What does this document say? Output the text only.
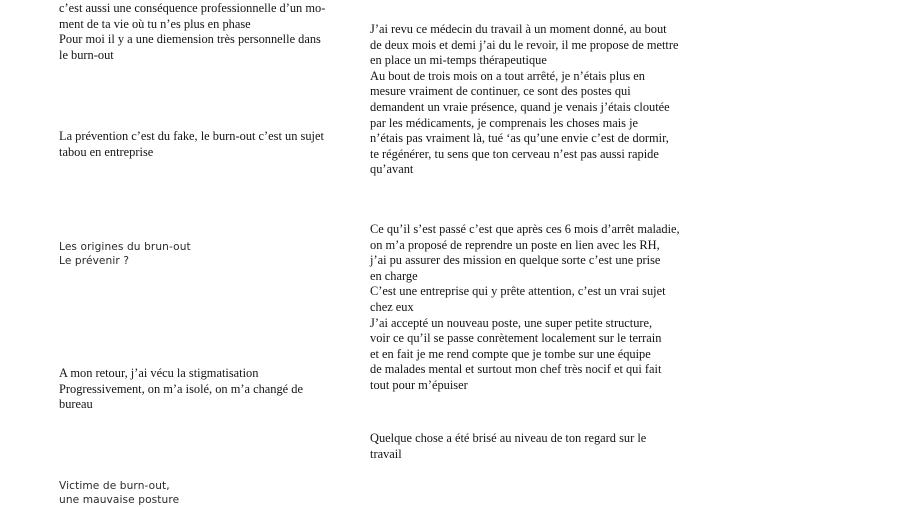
c’est aussi une conséquence professionnelle d’un mo-
ment de ta vie où tu n’es plus en phase
Pour moi il y a une diemension très personnelle dans
le burn-out
La prévention c’est du fake, le burn-out c’est un sujet
tabou en entreprise
Les origines du brun-out
Le prévenir ?
A mon retour, j’ai vécu la stigmatisation
Progressivement, on m’a isolé, on m’a changé de
bureau
Victime de burn-out,
une mauvaise posture
J’ai revu ce médecin du travail à un moment donné, au bout
de deux mois et demi j’ai du le revoir, il me propose de mettre
en place un mi-temps thérapeutique
Au bout de trois mois on a tout arrêté, je n’étais plus en
mesure vraiment de continuer, ce sont des postes qui
demandent un vraie présence, quand je venais j’étais cloutée
par les médicaments, je comprenais les choses mais je
n’étais pas vraiment là, tué ‘as qu’une envie c’est de dormir,
te régénérer, tu sens que ton cerveau n’est pas aussi rapide
qu’avant
Ce qu’il s’est passé c’est que après ces 6 mois d’arrêt maladie,
on m’a proposé de reprendre un poste en lien avec les RH,
j’ai pu assurer des mission en quelque sorte c’est une prise
en charge
C’est une entreprise qui y prête attention, c’est un vrai sujet
chez eux
J’ai accepté un nouveau poste, une super petite structure,
voir ce qu’il se passe conrètement localement sur le terrain
et en fait je me rend compte que je tombe sur une équipe
de malades mental et surtout mon chef très nocif et qui fait
tout pour m’épuiser
Quelque chose a été brisé au niveau de ton regard sur le
travail
